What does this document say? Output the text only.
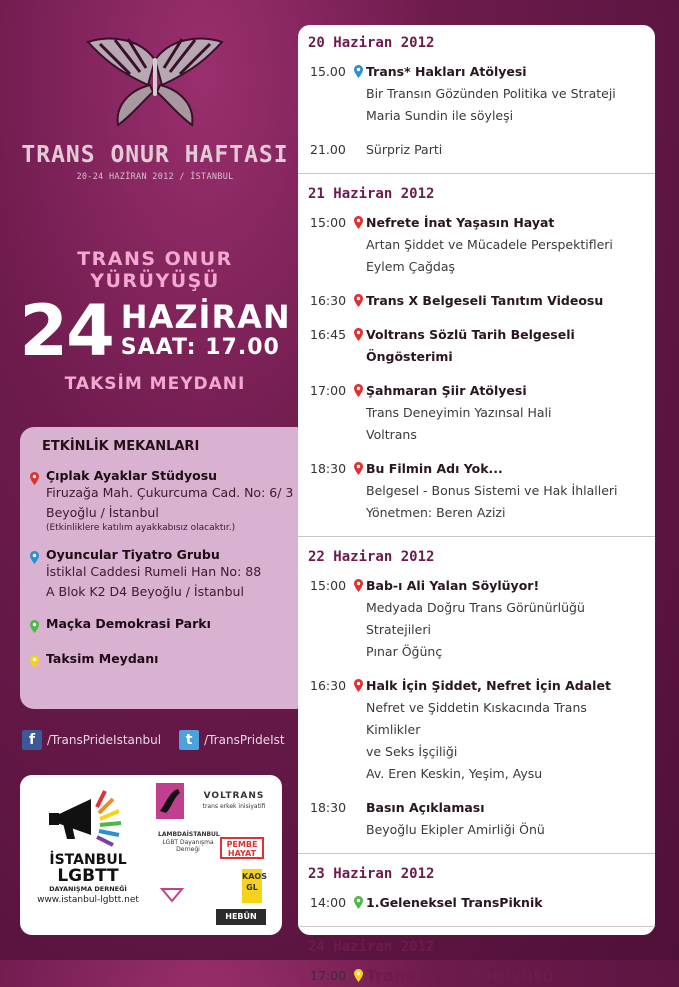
TRANS ONUR HAFTASI
20-24 HAZİRAN 2012 / İSTANBUL
TRANS ONUR YÜRÜYÜŞÜ
24 HAZİRAN
SAAT: 17.00
TAKSİM MEYDANI
ETKİNLİK MEKANLARI
Çıplak Ayaklar Stüdyosu
Firuzağa Mah. Çukurcuma Cad. No: 6/ 3
Beyoğlu / İstanbul
(Etkinliklere katılım ayakkabısız olacaktır.)
Oyuncular Tiyatro Grubu
İstiklal Caddesi Rumeli Han No: 88
A Blok K2 D4 Beyoğlu / İstanbul
Maçka Demokrasi Parkı
Taksim Meydanı
f /TransPrideIstanbul	t /TransPrideIst
İSTANBUL
LGBTT
DAYANIŞMA DERNEĞİ
www.istanbul-lgbtt.net
VOLTRANS
trans erkek inisiyatifi
LAMBDAİSTANBUL
LGBT Dayanışma Derneği
PEMBE HAYAT
KAOS GL
HEBÛN
20 Haziran 2012
15.00	Trans* Hakları Atölyesi
Bir Transın Gözünden Politika ve Strateji
Maria Sundin ile söyleşi
21.00	Sürpriz Parti
21 Haziran 2012
15:00	Nefrete İnat Yaşasın Hayat
Artan Şiddet ve Mücadele Perspektifleri
Eylem Çağdaş
16:30	Trans X Belgeseli Tanıtım Videosu
16:45	Voltrans Sözlü Tarih Belgeseli Öngösterimi
17:00	Şahmaran Şiir Atölyesi
Trans Deneyimin Yazınsal Hali
Voltrans
18:30	Bu Filmin Adı Yok...
Belgesel - Bonus Sistemi ve Hak İhlalleri
Yönetmen: Beren Azizi
22 Haziran 2012
15:00	Bab-ı Ali Yalan Söylüyor!
Medyada Doğru Trans Görünürlüğü Stratejileri
Pınar Öğünç
16:30	Halk İçin Şiddet, Nefret İçin Adalet
Nefret ve Şiddetin Kıskacında Trans Kimlikler
ve Seks İşçiliği
Av. Eren Keskin, Yeşim, Aysu
18:30	Basın Açıklaması
Beyoğlu Ekipler Amirliği Önü
23 Haziran 2012
14:00	1.Geleneksel TransPiknik
24 Haziran 2012
17:00	Trans Onur Yürüyüşü
